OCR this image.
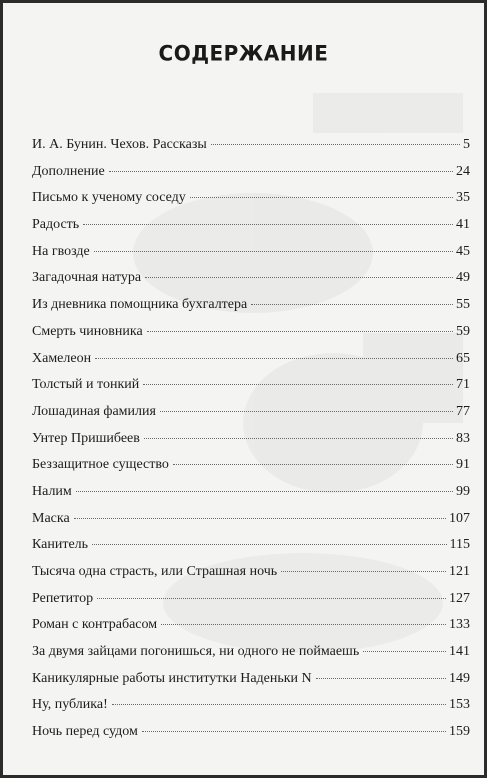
СОДЕРЖАНИЕ
И. А. Бунин. Чехов. Рассказы	5
Дополнение	24
Письмо к ученому соседу	35
Радость	41
На гвозде	45
Загадочная натура	49
Из дневника помощника бухгалтера	55
Смерть чиновника	59
Хамелеон	65
Толстый и тонкий	71
Лошадиная фамилия	77
Унтер Пришибеев	83
Беззащитное существо	91
Налим	99
Маска	107
Канитель	115
Тысяча одна страсть, или Страшная ночь	121
Репетитор	127
Роман с контрабасом	133
За двумя зайцами погонишься, ни одного не поймаешь	141
Каникулярные работы институтки Наденьки N	149
Ну, публика!	153
Ночь перед судом	159
